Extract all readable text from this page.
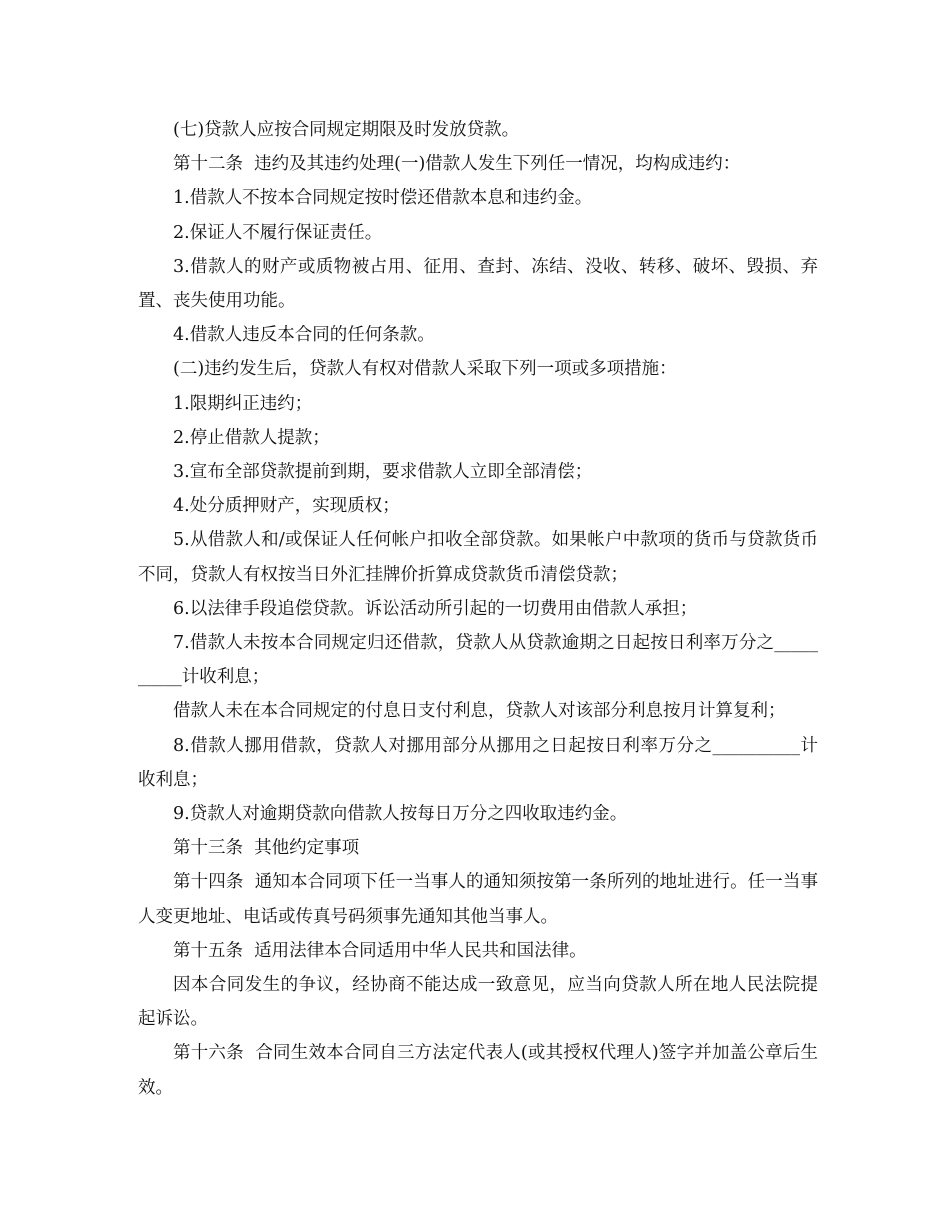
(七)贷款人应按合同规定期限及时发放贷款。

第十二条  违约及其违约处理(一)借款人发生下列任一情况，均构成违约：

1.借款人不按本合同规定按时偿还借款本息和违约金。

2.保证人不履行保证责任。

3.借款人的财产或质物被占用、征用、查封、冻结、没收、转移、破坏、毁损、弃置、丧失使用功能。

4.借款人违反本合同的任何条款。

(二)违约发生后，贷款人有权对借款人采取下列一项或多项措施：

1.限期纠正违约；

2.停止借款人提款；

3.宣布全部贷款提前到期，要求借款人立即全部清偿；

4.处分质押财产，实现质权；

5.从借款人和/或保证人任何帐户扣收全部贷款。如果帐户中款项的货币与贷款货币不同，贷款人有权按当日外汇挂牌价折算成贷款货币清偿贷款；

6.以法律手段追偿贷款。诉讼活动所引起的一切费用由借款人承担；

7.借款人未按本合同规定归还借款，贷款人从贷款逾期之日起按日利率万分之__________计收利息；

借款人未在本合同规定的付息日支付利息，贷款人对该部分利息按月计算复利；

8.借款人挪用借款，贷款人对挪用部分从挪用之日起按日利率万分之__________计收利息；

9.贷款人对逾期贷款向借款人按每日万分之四收取违约金。

第十三条  其他约定事项

第十四条  通知本合同项下任一当事人的通知须按第一条所列的地址进行。任一当事人变更地址、电话或传真号码须事先通知其他当事人。

第十五条  适用法律本合同适用中华人民共和国法律。

因本合同发生的争议，经协商不能达成一致意见，应当向贷款人所在地人民法院提起诉讼。

第十六条  合同生效本合同自三方法定代表人(或其授权代理人)签字并加盖公章后生效。
